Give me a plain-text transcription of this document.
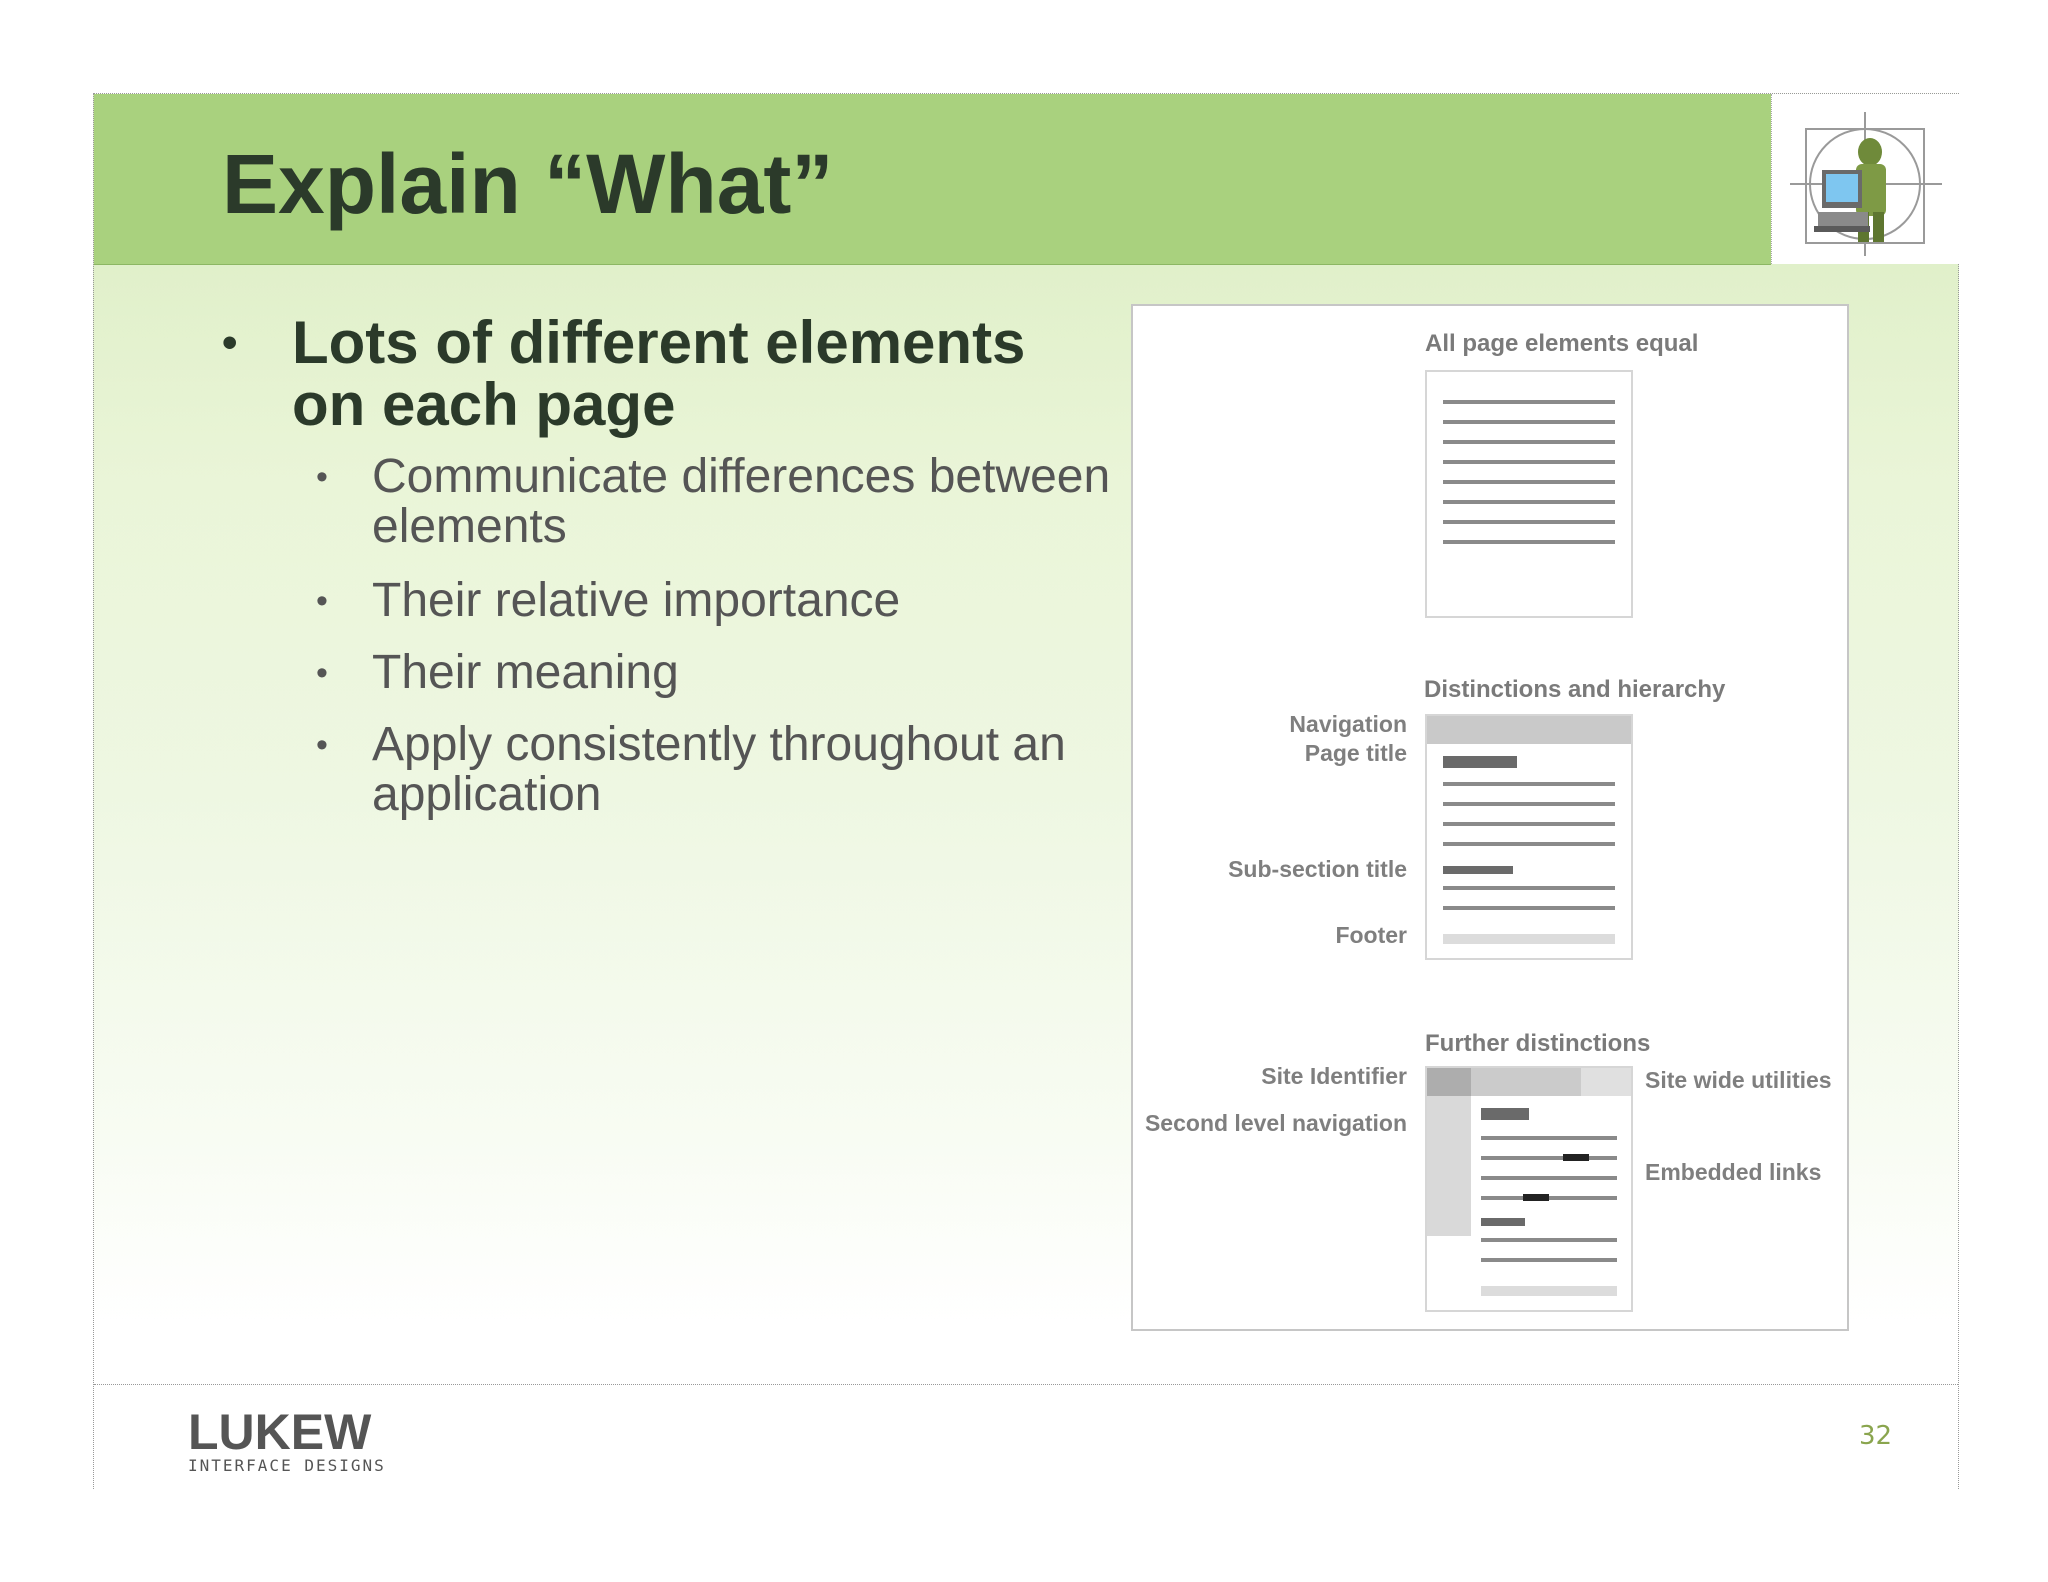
Explain “What”
• Lots of different elements on each page
• Communicate differences between elements
• Their relative importance
• Their meaning
• Apply consistently throughout an application
All page elements equal
Distinctions and hierarchy
Navigation
Page title
Sub-section title
Footer
Further distinctions
Site Identifier
Second level navigation
Site wide utilities
Embedded links
LUKEW
INTERFACE DESIGNS
32
